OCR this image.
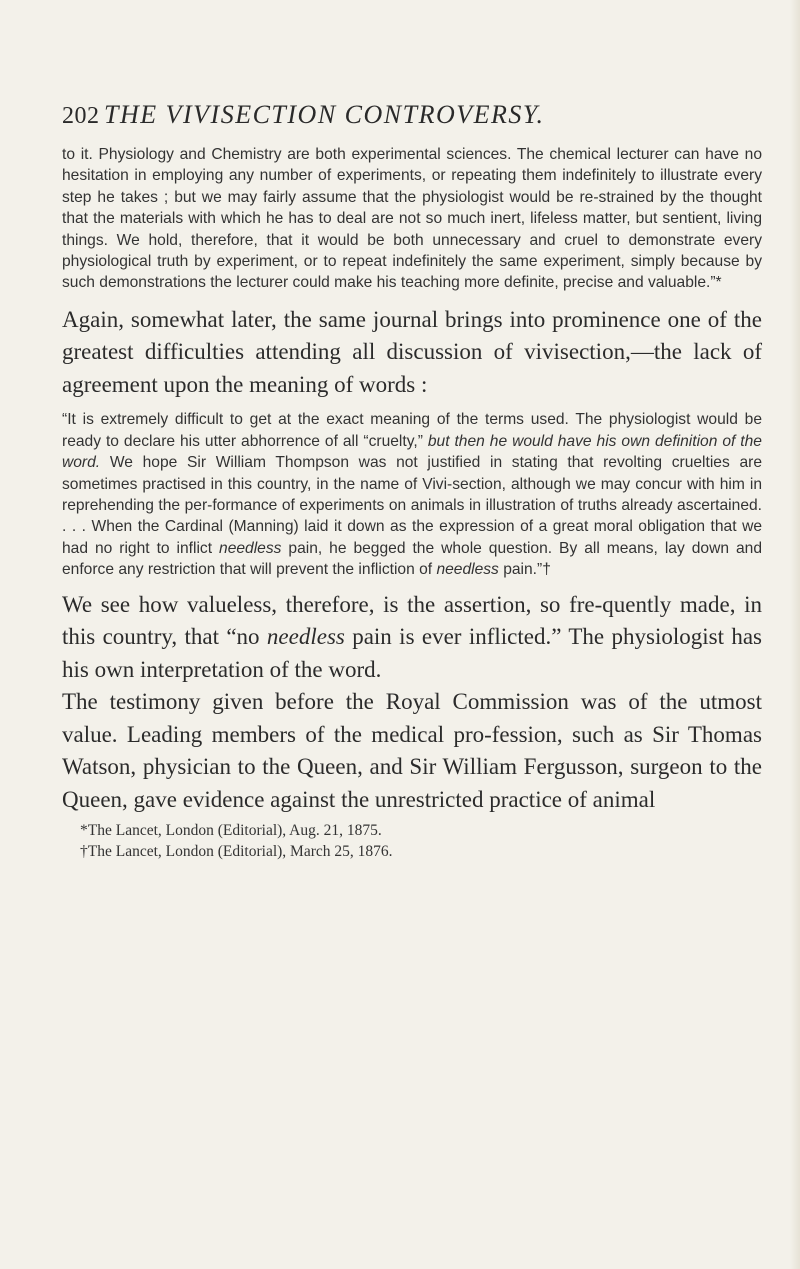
202 THE VIVISECTION CONTROVERSY.

to it. Physiology and Chemistry are both experimental sciences. The chemical lecturer can have no hesitation in employing any number of experiments, or repeating them indefinitely to illustrate every step he takes ; but we may fairly assume that the physiologist would be re-strained by the thought that the materials with which he has to deal are not so much inert, lifeless matter, but sentient, living things. We hold, therefore, that it would be both unnecessary and cruel to demonstrate every physiological truth by experiment, or to repeat indefinitely the same experiment, simply because by such demonstrations the lecturer could make his teaching more definite, precise and valuable.”*

Again, somewhat later, the same journal brings into prominence one of the greatest difficulties attending all discussion of vivisection,—the lack of agreement upon the meaning of words :

“It is extremely difficult to get at the exact meaning of the terms used. The physiologist would be ready to declare his utter abhorrence of all “cruelty,” but then he would have his own definition of the word. We hope Sir William Thompson was not justified in stating that revolting cruelties are sometimes practised in this country, in the name of Vivi-section, although we may concur with him in reprehending the per-formance of experiments on animals in illustration of truths already ascertained. . . . When the Cardinal (Manning) laid it down as the expression of a great moral obligation that we had no right to inflict needless pain, he begged the whole question. By all means, lay down and enforce any restriction that will prevent the infliction of needless pain.”†

We see how valueless, therefore, is the assertion, so fre-quently made, in this country, that “no needless pain is ever inflicted.” The physiologist has his own interpretation of the word.

The testimony given before the Royal Commission was of the utmost value. Leading members of the medical pro-fession, such as Sir Thomas Watson, physician to the Queen, and Sir William Fergusson, surgeon to the Queen, gave evidence against the unrestricted practice of animal

*The Lancet, London (Editorial), Aug. 21, 1875.
†The Lancet, London (Editorial), March 25, 1876.
